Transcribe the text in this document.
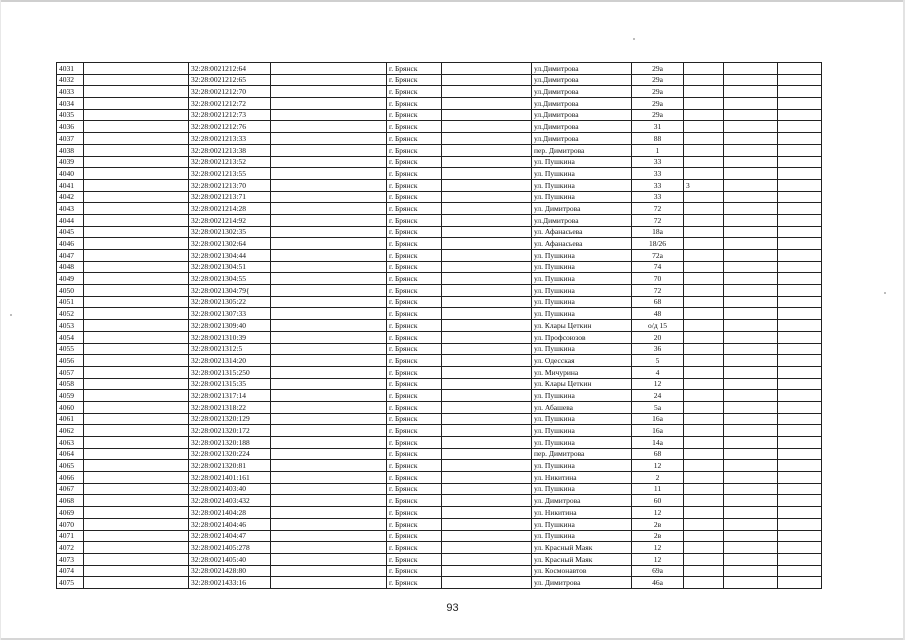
4031		32:28:0021212:64		г. Брянск		ул.Димитрова	29а			
4032		32:28:0021212:65		г. Брянск		ул.Димитрова	29а			
4033		32:28:0021212:70		г. Брянск		ул.Димитрова	29а			
4034		32:28:0021212:72		г. Брянск		ул.Димитрова	29а			
4035		32:28:0021212:73		г. Брянск		ул.Димитрова	29а			
4036		32:28:0021212:76		г. Брянск		ул.Димитрова	31			
4037		32:28:0021213:33		г. Брянск		ул.Димитрова	88			
4038		32:28:0021213:38		г. Брянск		пер. Димитрова	1			
4039		32:28:0021213:52		г. Брянск		ул. Пушкина	33			
4040		32:28:0021213:55		г. Брянск		ул. Пушкина	33			
4041		32:28:0021213:70		г. Брянск		ул. Пушкина	33	3		
4042		32:28:0021213:71		г. Брянск		ул. Пушкина	33			
4043		32:28:0021214:28		г. Брянск		ул. Димитрова	72			
4044		32:28:0021214:92		г. Брянск		ул.Димитрова	72			
4045		32:28:0021302:35		г. Брянск		ул. Афанасьева	18а			
4046		32:28:0021302:64		г. Брянск		ул. Афанасьева	18/26			
4047		32:28:0021304:44		г. Брянск		ул. Пушкина	72а			
4048		32:28:0021304:51		г. Брянск		ул. Пушкина	74			
4049		32:28:0021304:55		г. Брянск		ул. Пушкина	70			
4050		32:28:0021304:79{		г. Брянск		ул. Пушкина	72			
4051		32:28:0021305:22		г. Брянск		ул. Пушкина	68			
4052		32:28:0021307:33		г. Брянск		ул. Пушкина	48			
4053		32:28:0021309:40		г. Брянск		ул. Клары Цеткин	о/д 15			
4054		32:28:0021310:39		г. Брянск		ул. Профсоюзов	20			
4055		32:28:0021312:5		г. Брянск		ул. Пушкина	36			
4056		32:28:0021314:20		г. Брянск		ул. Одесская	5			
4057		32:28:0021315:250		г. Брянск		ул. Мичурина	4			
4058		32:28:0021315:35		г. Брянск		ул. Клары Цеткин	12			
4059		32:28:0021317:14		г. Брянск		ул. Пушкина	24			
4060		32:28:0021318:22		г. Брянск		ул. Абашева	5а			
4061		32:28:0021320:129		г. Брянск		ул. Пушкина	16а			
4062		32:28:0021320:172		г. Брянск		ул. Пушкина	16а			
4063		32:28:0021320:188		г. Брянск		ул. Пушкина	14а			
4064		32:28:0021320:224		г. Брянск		пер. Димитрова	68			
4065		32:28:0021320:81		г. Брянск		ул. Пушкина	12			
4066		32:28:0021401:161		г. Брянск		ул. Никитина	2			
4067		32:28:0021403:40		г. Брянск		ул. Пушкина	11			
4068		32:28:0021403:432		г. Брянск		ул. Димитрова	60			
4069		32:28:0021404:28		г. Брянск		ул. Никитина	12			
4070		32:28:0021404:46		г. Брянск		ул. Пушкина	2в			
4071		32:28:0021404:47		г. Брянск		ул. Пушкина	2в			
4072		32:28:0021405:278		г. Брянск		ул. Красный Маяк	12			
4073		32:28:0021405:40		г. Брянск		ул. Красный Маяк	12			
4074		32:28:0021428:80		г. Брянск		ул. Космонавтов	69а			
4075		32:28:0021433:16		г. Брянск		ул. Димитрова	46а			
93
